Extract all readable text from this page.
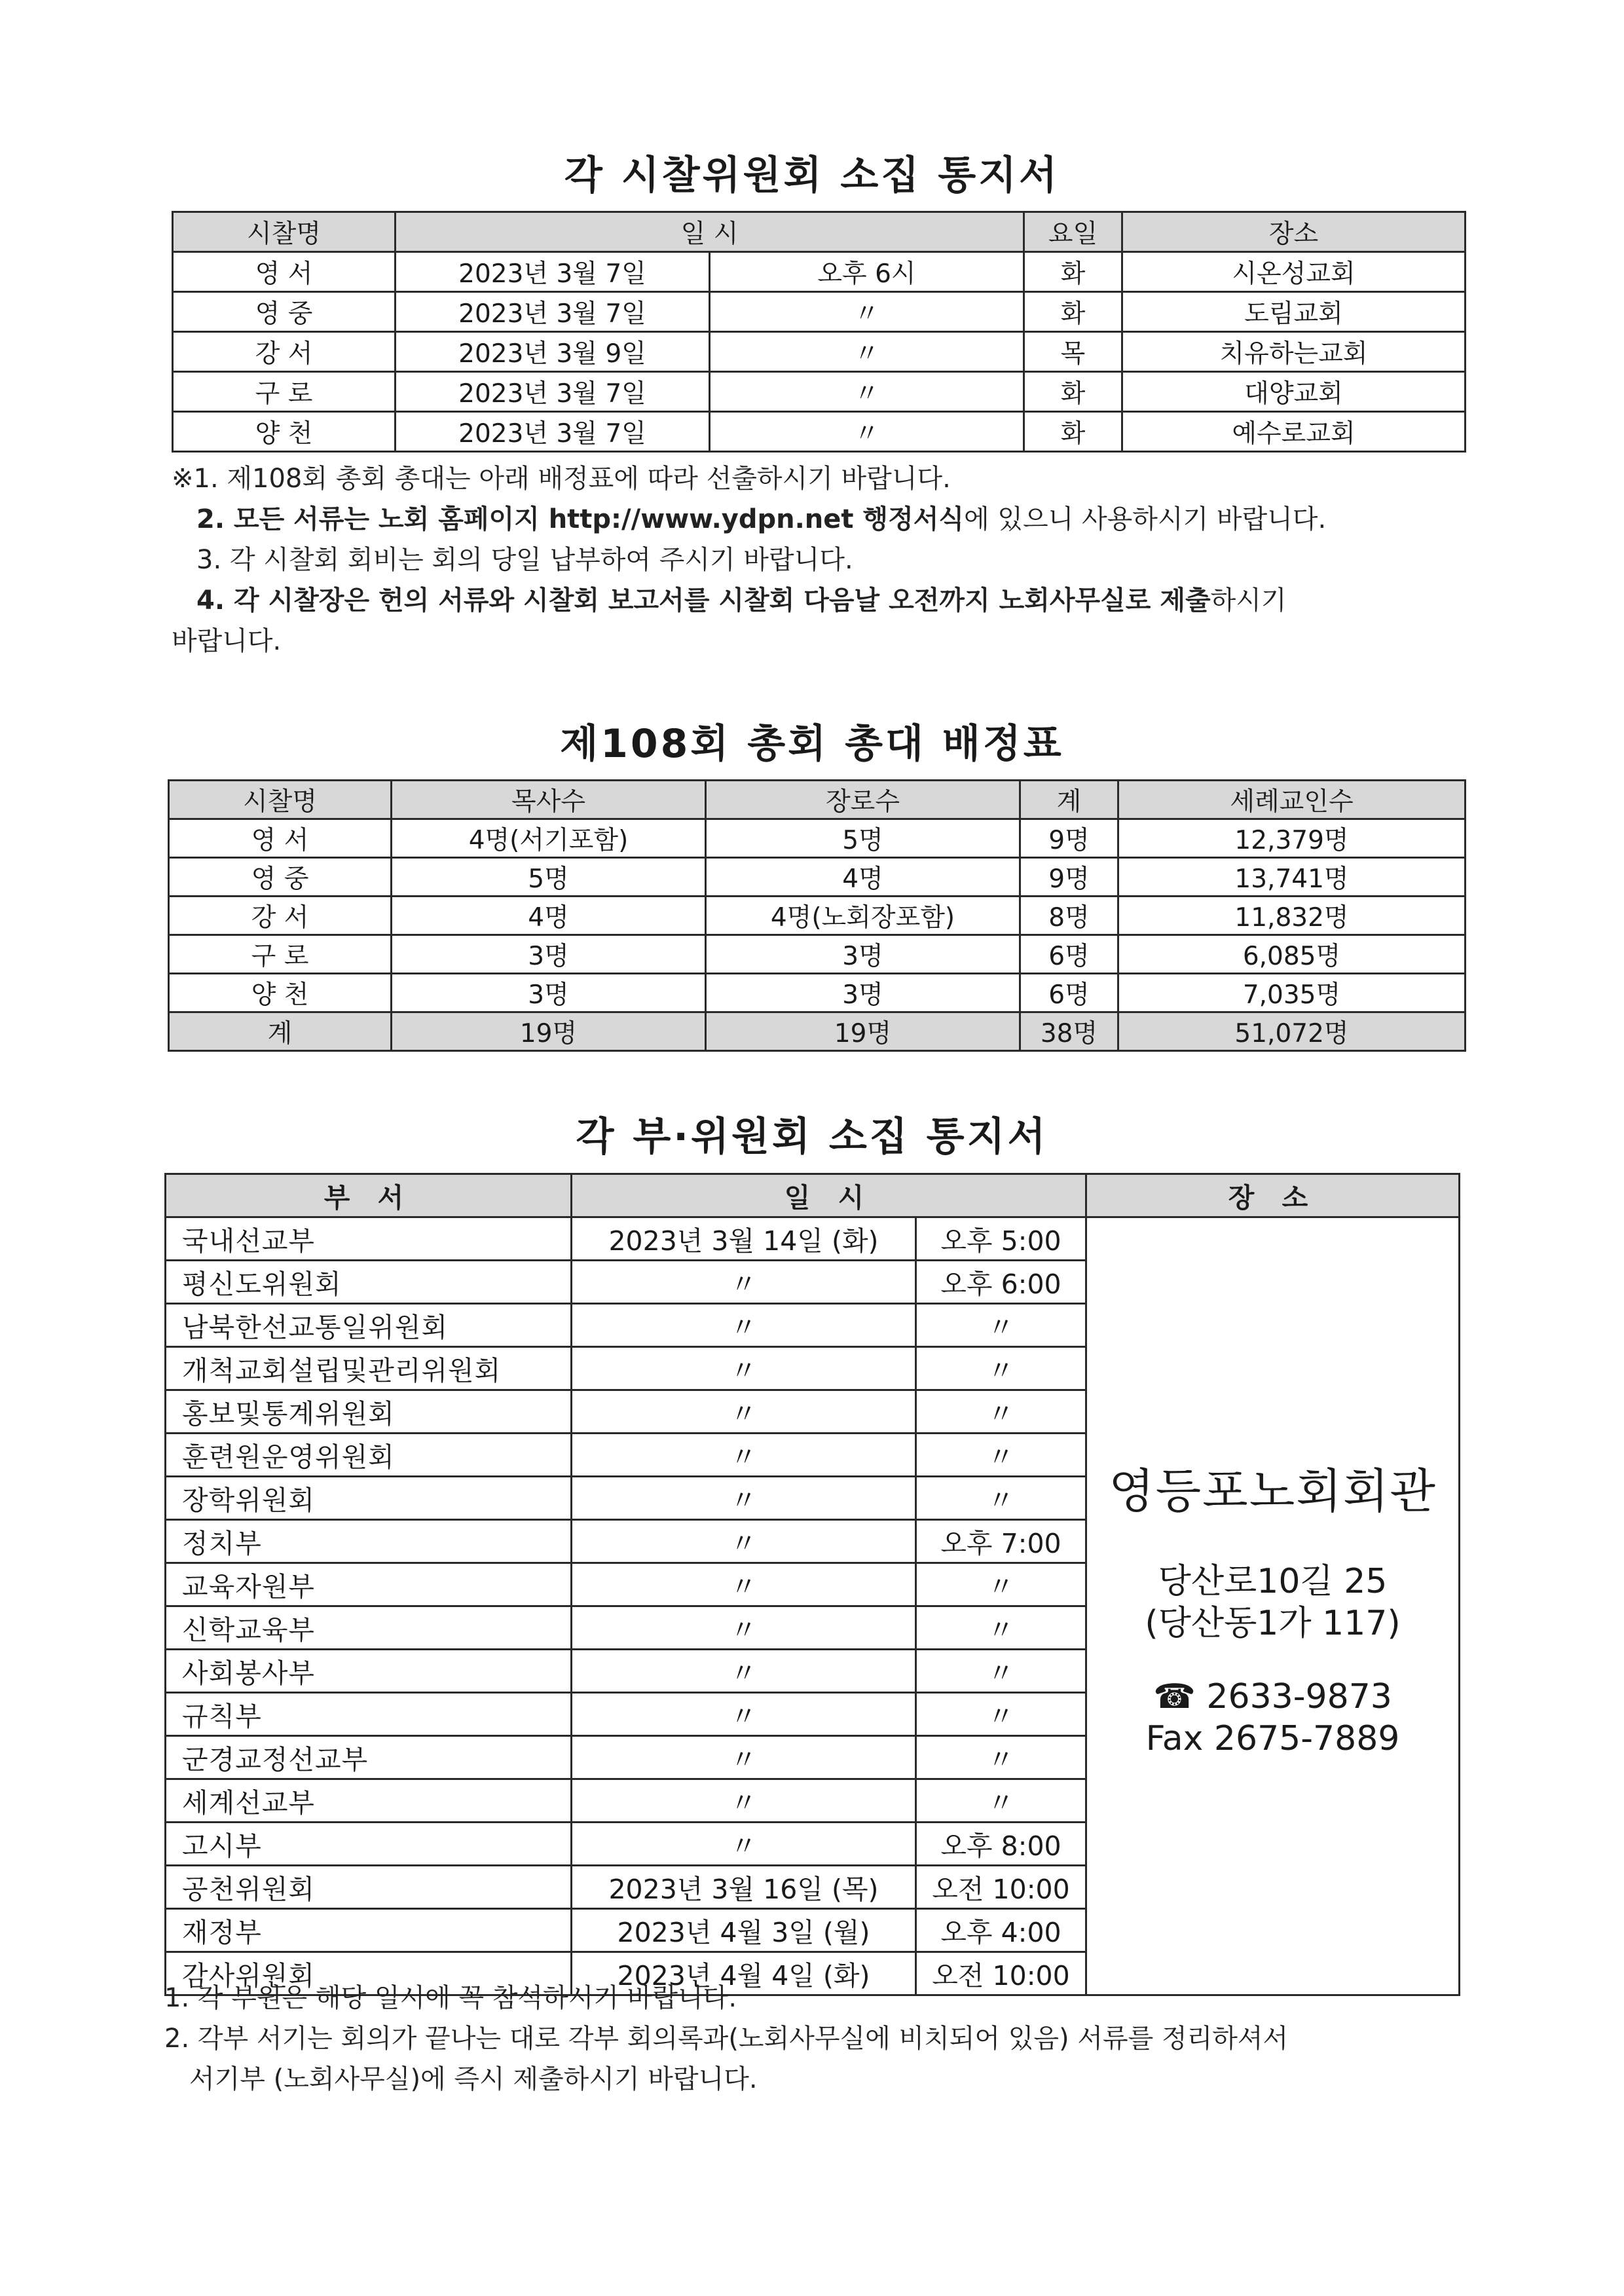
각 시찰위원회 소집 통지서
시찰명	일 시		요일	장소
영 서	2023년 3월 7일	오후 6시	화	시온성교회
영 중	2023년 3월 7일	〃	화	도림교회
강 서	2023년 3월 9일	〃	목	치유하는교회
구 로	2023년 3월 7일	〃	화	대양교회
양 천	2023년 3월 7일	〃	화	예수로교회

※1. 제108회 총회 총대는 아래 배정표에 따라 선출하시기 바랍니다.

2. 모든 서류는 노회 홈페이지 http://www.ydpn.net 행정서식에 있으니 사용하시기 바랍니다.

3. 각 시찰회 회비는 회의 당일 납부하여 주시기 바랍니다.

4. 각 시찰장은 헌의 서류와 시찰회 보고서를 시찰회 다음날 오전까지 노회사무실로 제출하시기

바랍니다.

제108회 총회 총대 배정표
시찰명	목사수	장로수	계	세례교인수
영 서	4명(서기포함)	5명	9명	12,379명
영 중	5명	4명	9명	13,741명
강 서	4명	4명(노회장포함)	8명	11,832명
구 로	3명	3명	6명	6,085명
양 천	3명	3명	6명	7,035명
계	19명	19명	38명	51,072명
각 부·위원회 소집 통지서
부 서	일 시		장 소

국내선교부	2023년 3월 14일 (화)	오후 5:00	영등포노회회관
당산로10길 25
(당산동1가 117)
☎ 2633-9873
Fax 2675-7889

평신도위원회	〃	오후 6:00	

남북한선교통일위원회	〃	〃	

개척교회설립및관리위원회	〃	〃	

홍보및통계위원회	〃	〃	

훈련원운영위원회	〃	〃	

장학위원회	〃	〃	

정치부	〃	오후 7:00	

교육자원부	〃	〃	

신학교육부	〃	〃	

사회봉사부	〃	〃	

규칙부	〃	〃	

군경교정선교부	〃	〃	

세계선교부	〃	〃	

고시부	〃	오후 8:00	

공천위원회	2023년 3월 16일 (목)	오전 10:00	

재정부	2023년 4월 3일 (월)	오후 4:00	

감사위원회	2023년 4월 4일 (화)	오전 10:00	

1. 각 부원은 해당 일시에 꼭 참석하시기 바랍니다.

2. 각부 서기는 회의가 끝나는 대로 각부 회의록과(노회사무실에 비치되어 있음) 서류를 정리하셔서

서기부 (노회사무실)에 즉시 제출하시기 바랍니다.
